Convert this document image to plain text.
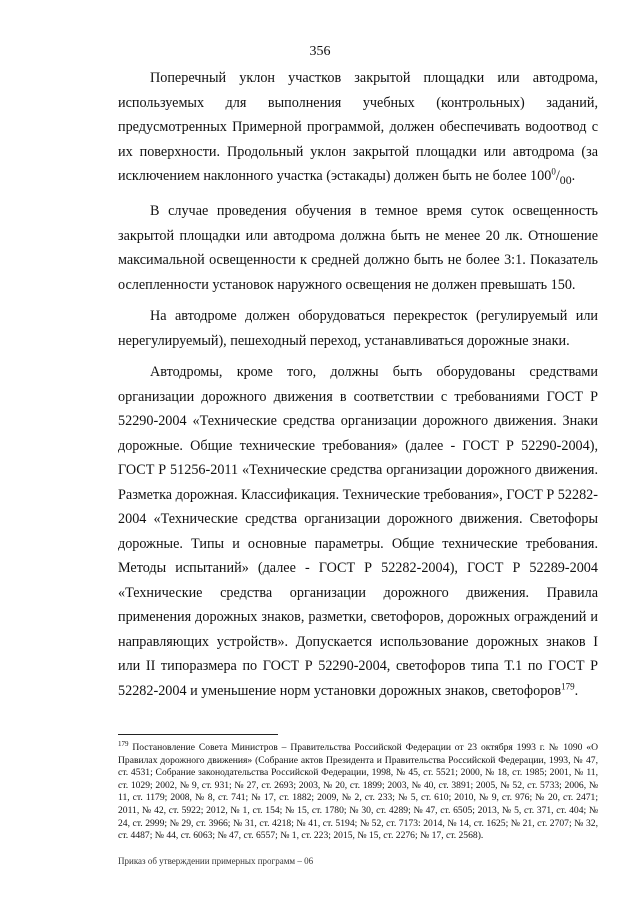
356

Поперечный уклон участков закрытой площадки или автодрома, используемых для выполнения учебных (контрольных) заданий, предусмотренных Примерной программой, должен обеспечивать водоотвод с их поверхности. Продольный уклон закрытой площадки или автодрома (за исключением наклонного участка (эстакады) должен быть не более $100^0/_{00}$.

В случае проведения обучения в темное время суток освещенность закрытой площадки или автодрома должна быть не менее 20 лк. Отношение максимальной освещенности к средней должно быть не более 3:1. Показатель ослепленности установок наружного освещения не должен превышать 150.

На автодроме должен оборудоваться перекресток (регулируемый или нерегулируемый), пешеходный переход, устанавливаться дорожные знаки.

Автодромы, кроме того, должны быть оборудованы средствами организации дорожного движения в соответствии с требованиями ГОСТ Р 52290-2004 «Технические средства организации дорожного движения. Знаки дорожные. Общие технические требования» (далее - ГОСТ Р 52290-2004), ГОСТ Р 51256-2011 «Технические средства организации дорожного движения. Разметка дорожная. Классификация. Технические требования», ГОСТ Р 52282-2004 «Технические средства организации дорожного движения. Светофоры дорожные. Типы и основные параметры. Общие технические требования. Методы испытаний» (далее - ГОСТ Р 52282-2004), ГОСТ Р 52289-2004 «Технические средства организации дорожного движения. Правила применения дорожных знаков, разметки, светофоров, дорожных ограждений и направляющих устройств». Допускается использование дорожных знаков I или II типоразмера по ГОСТ Р 52290-2004, светофоров типа Т.1 по ГОСТ Р 52282-2004 и уменьшение норм установки дорожных знаков, светофоров$^{179}$.

$^{179}$ Постановление Совета Министров – Правительства Российской Федерации от 23 октября 1993 г. № 1090 «О Правилах дорожного движения» (Собрание актов Президента и Правительства Российской Федерации, 1993, № 47, ст. 4531; Собрание законодательства Российской Федерации, 1998, № 45, ст. 5521; 2000, № 18, ст. 1985; 2001, № 11, ст. 1029; 2002, № 9, ст. 931; № 27, ст. 2693; 2003, № 20, ст. 1899; 2003, № 40, ст. 3891; 2005, № 52, ст. 5733; 2006, № 11, ст. 1179; 2008, № 8, ст. 741; № 17, ст. 1882; 2009, № 2, ст. 233; № 5, ст. 610; 2010, № 9, ст. 976; № 20, ст. 2471; 2011, № 42, ст. 5922; 2012, № 1, ст. 154; № 15, ст. 1780; № 30, ст. 4289; № 47, ст. 6505; 2013, № 5, ст. 371, ст. 404; № 24, ст. 2999; № 29, ст. 3966; № 31, ст. 4218; № 41, ст. 5194; № 52, ст. 7173: 2014, № 14, ст. 1625; № 21, ст. 2707; № 32, ст. 4487; № 44, ст. 6063; № 47, ст. 6557; № 1, ст. 223; 2015, № 15, ст. 2276; № 17, ст. 2568).

Приказ об утверждении примерных программ – 06
